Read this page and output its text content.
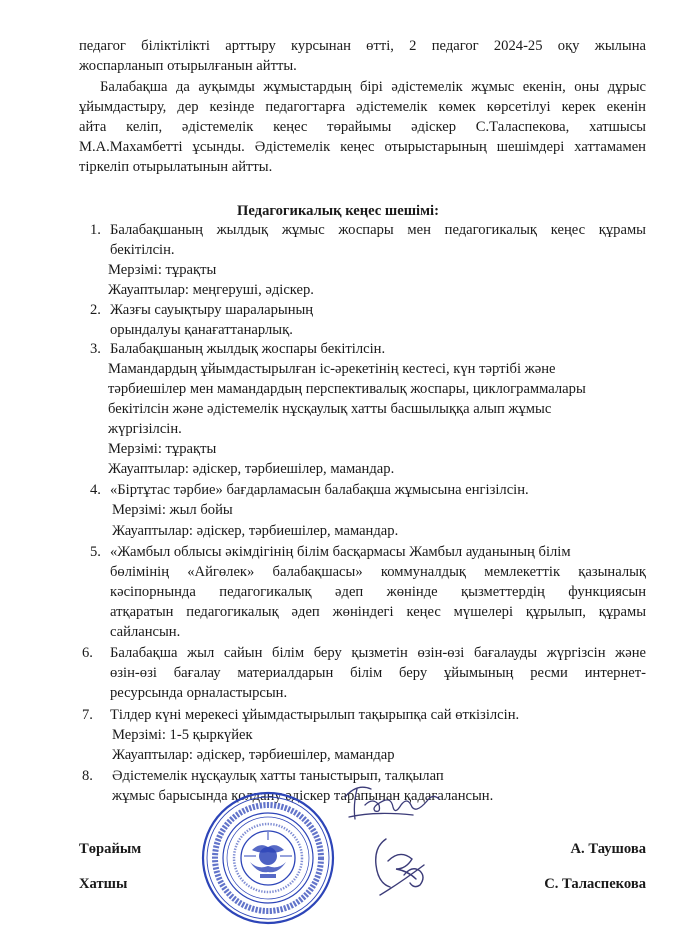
педагог біліктілікті арттыру курсынан өтті, 2 педагог 2024-25 оқу жылына

жоспарланып отырылғанын айтты.

Балабақша да ауқымды жұмыстардың бірі әдістемелік жұмыс екенін, оны дұрыс

ұйымдастыру, дер кезінде педагогтарға әдістемелік көмек көрсетілуі керек екенін

айта келіп, әдістемелік кеңес төрайымы әдіскер С.Таласпекова, хатшысы

М.А.Махамбетті ұсынды. Әдістемелік кеңес отырыстарының шешімдері хаттамамен

тіркеліп отырылатынын айтты.

Педагогикалық кеңес шешімі:
1. Балабақшаның жылдық жұмыс жоспары мен педагогикалық кеңес құрамы

бекітілсін.

Мерзімі: тұрақты

Жауаптылар: меңгеруші, әдіскер.

2. Жазғы сауықтыру шараларының

орындалуы қанағаттанарлық.

3. Балабақшаның жылдық жоспары бекітілсін.

Мамандардың ұйымдастырылған іс-әрекетінің кестесі, күн тәртібі және

тәрбиешілер мен мамандардың перспективалық жоспары, циклограммалары

бекітілсін және әдістемелік нұсқаулық хатты басшылыққа алып жұмыс

жүргізілсін.

Мерзімі: тұрақты

Жауаптылар: әдіскер, тәрбиешілер, мамандар.

4. «Біртұтас тәрбие» бағдарламасын балабақша жұмысына енгізілсін.

Мерзімі: жыл бойы

Жауаптылар: әдіскер, тәрбиешілер, мамандар.

5. «Жамбыл облысы әкімдігінің білім басқармасы Жамбыл ауданының білім

бөлімінің «Айгөлек» балабақшасы» коммуналдық мемлекеттік қазыналық

кәсіпорнында педагогикалық әдеп жөнінде қызметтердің функциясын

атқаратын педагогикалық әдеп жөніндегі кеңес мүшелері құрылып, құрамы

сайлансын.

6. Балабақша жыл сайын білім беру қызметін өзін-өзі бағалауды жүргізсін және

өзін-өзі бағалау материалдарын білім беру ұйымының ресми интернет-

ресурсында орналастырсын.

7. Тілдер күні мерекесі ұйымдастырылып тақырыпқа сай өткізілсін.

Мерзімі: 1-5 қыркүйек

Жауаптылар: әдіскер, тәрбиешілер, мамандар

8. Әдістемелік нұсқаулық хатты таныстырып, талқылап

жұмыс барысында қолдану әдіскер тарапынан қадағалансын.

Төрайым	А. Таушова
Хатшы	С. Таласпекова
